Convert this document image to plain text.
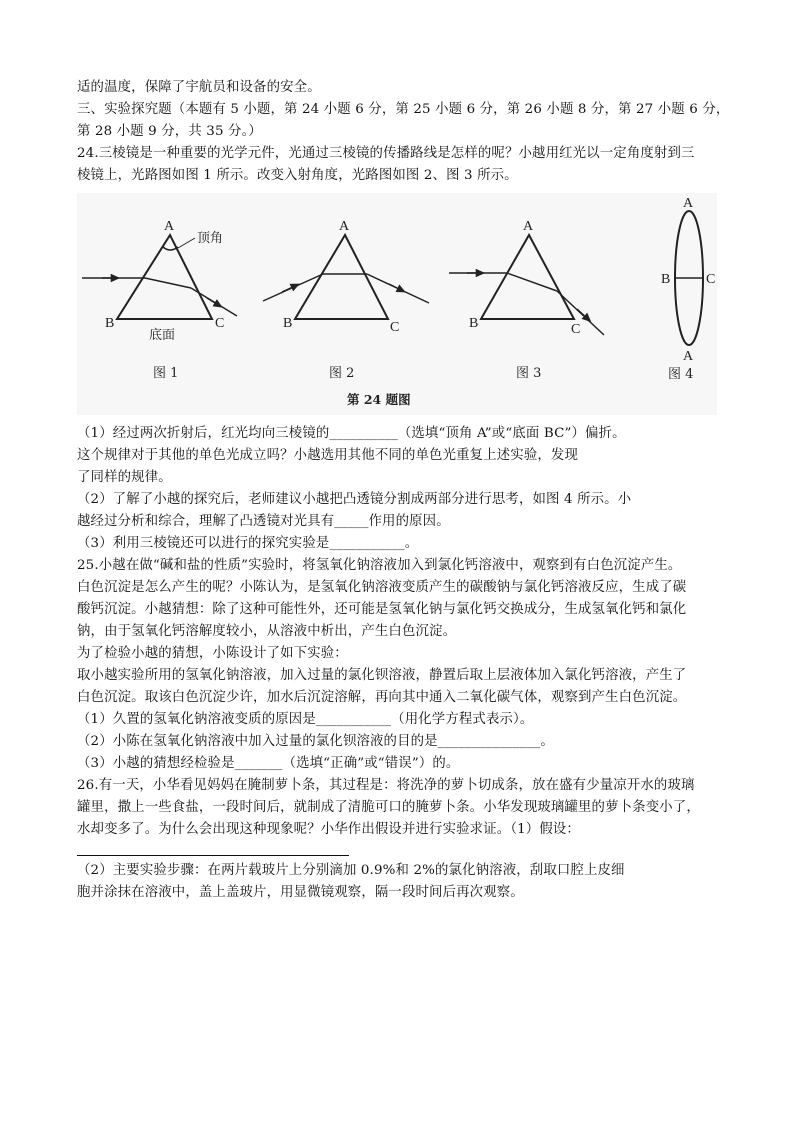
适的温度，保障了宇航员和设备的安全。
三、实验探究题（本题有 5 小题，第 24 小题 6 分，第 25 小题 6 分，第 26 小题 8 分，第 27 小题 6 分，
第 28 小题 9 分，共 35 分。）
24.三棱镜是一种重要的光学元件，光通过三棱镜的传播路线是怎样的呢？小越用红光以一定角度射到三
棱镜上，光路图如图 1 所示。改变入射角度，光路图如图 2、图 3 所示。
A
顶角
B	C
底面
图 1
A
B	C
图 2
A
B	C
图 3
A
B	C
A
图 4
第 24 题图
（1）经过两次折射后，红光均向三棱镜的__________（选填“顶角 A”或“底面 BC”）偏折。
这个规律对于其他的单色光成立吗？小越选用其他不同的单色光重复上述实验，发现
了同样的规律。
（2）了解了小越的探究后，老师建议小越把凸透镜分割成两部分进行思考，如图 4 所示。小
越经过分析和综合，理解了凸透镜对光具有_____作用的原因。
（3）利用三棱镜还可以进行的探究实验是___________。
25.小越在做“碱和盐的性质”实验时，将氢氧化钠溶液加入到氯化钙溶液中，观察到有白色沉淀产生。
白色沉淀是怎么产生的呢？小陈认为，是氢氧化钠溶液变质产生的碳酸钠与氯化钙溶液反应，生成了碳
酸钙沉淀。小越猜想：除了这种可能性外，还可能是氢氧化钠与氯化钙交换成分，生成氢氧化钙和氯化
钠，由于氢氧化钙溶解度较小，从溶液中析出，产生白色沉淀。
为了检验小越的猜想，小陈设计了如下实验：
取小越实验所用的氢氧化钠溶液，加入过量的氯化钡溶液，静置后取上层液体加入氯化钙溶液，产生了
白色沉淀。取该白色沉淀少许，加水后沉淀溶解，再向其中通入二氧化碳气体，观察到产生白色沉淀。
（1）久置的氢氧化钠溶液变质的原因是___________（用化学方程式表示）。
（2）小陈在氢氧化钠溶液中加入过量的氯化钡溶液的目的是_______________。
（3）小越的猜想经检验是_______（选填“正确”或“错误”）的。
26.有一天，小华看见妈妈在腌制萝卜条，其过程是：将洗净的萝卜切成条，放在盛有少量凉开水的玻璃
罐里，撒上一些食盐，一段时间后，就制成了清脆可口的腌萝卜条。小华发现玻璃罐里的萝卜条变小了，
水却变多了。为什么会出现这种现象呢？小华作出假设并进行实验求证。（1）假设：
（2）主要实验步骤：在两片载玻片上分别滴加 0.9%和 2%的氯化钠溶液，刮取口腔上皮细
胞并涂抹在溶液中，盖上盖玻片，用显微镜观察，隔一段时间后再次观察。
